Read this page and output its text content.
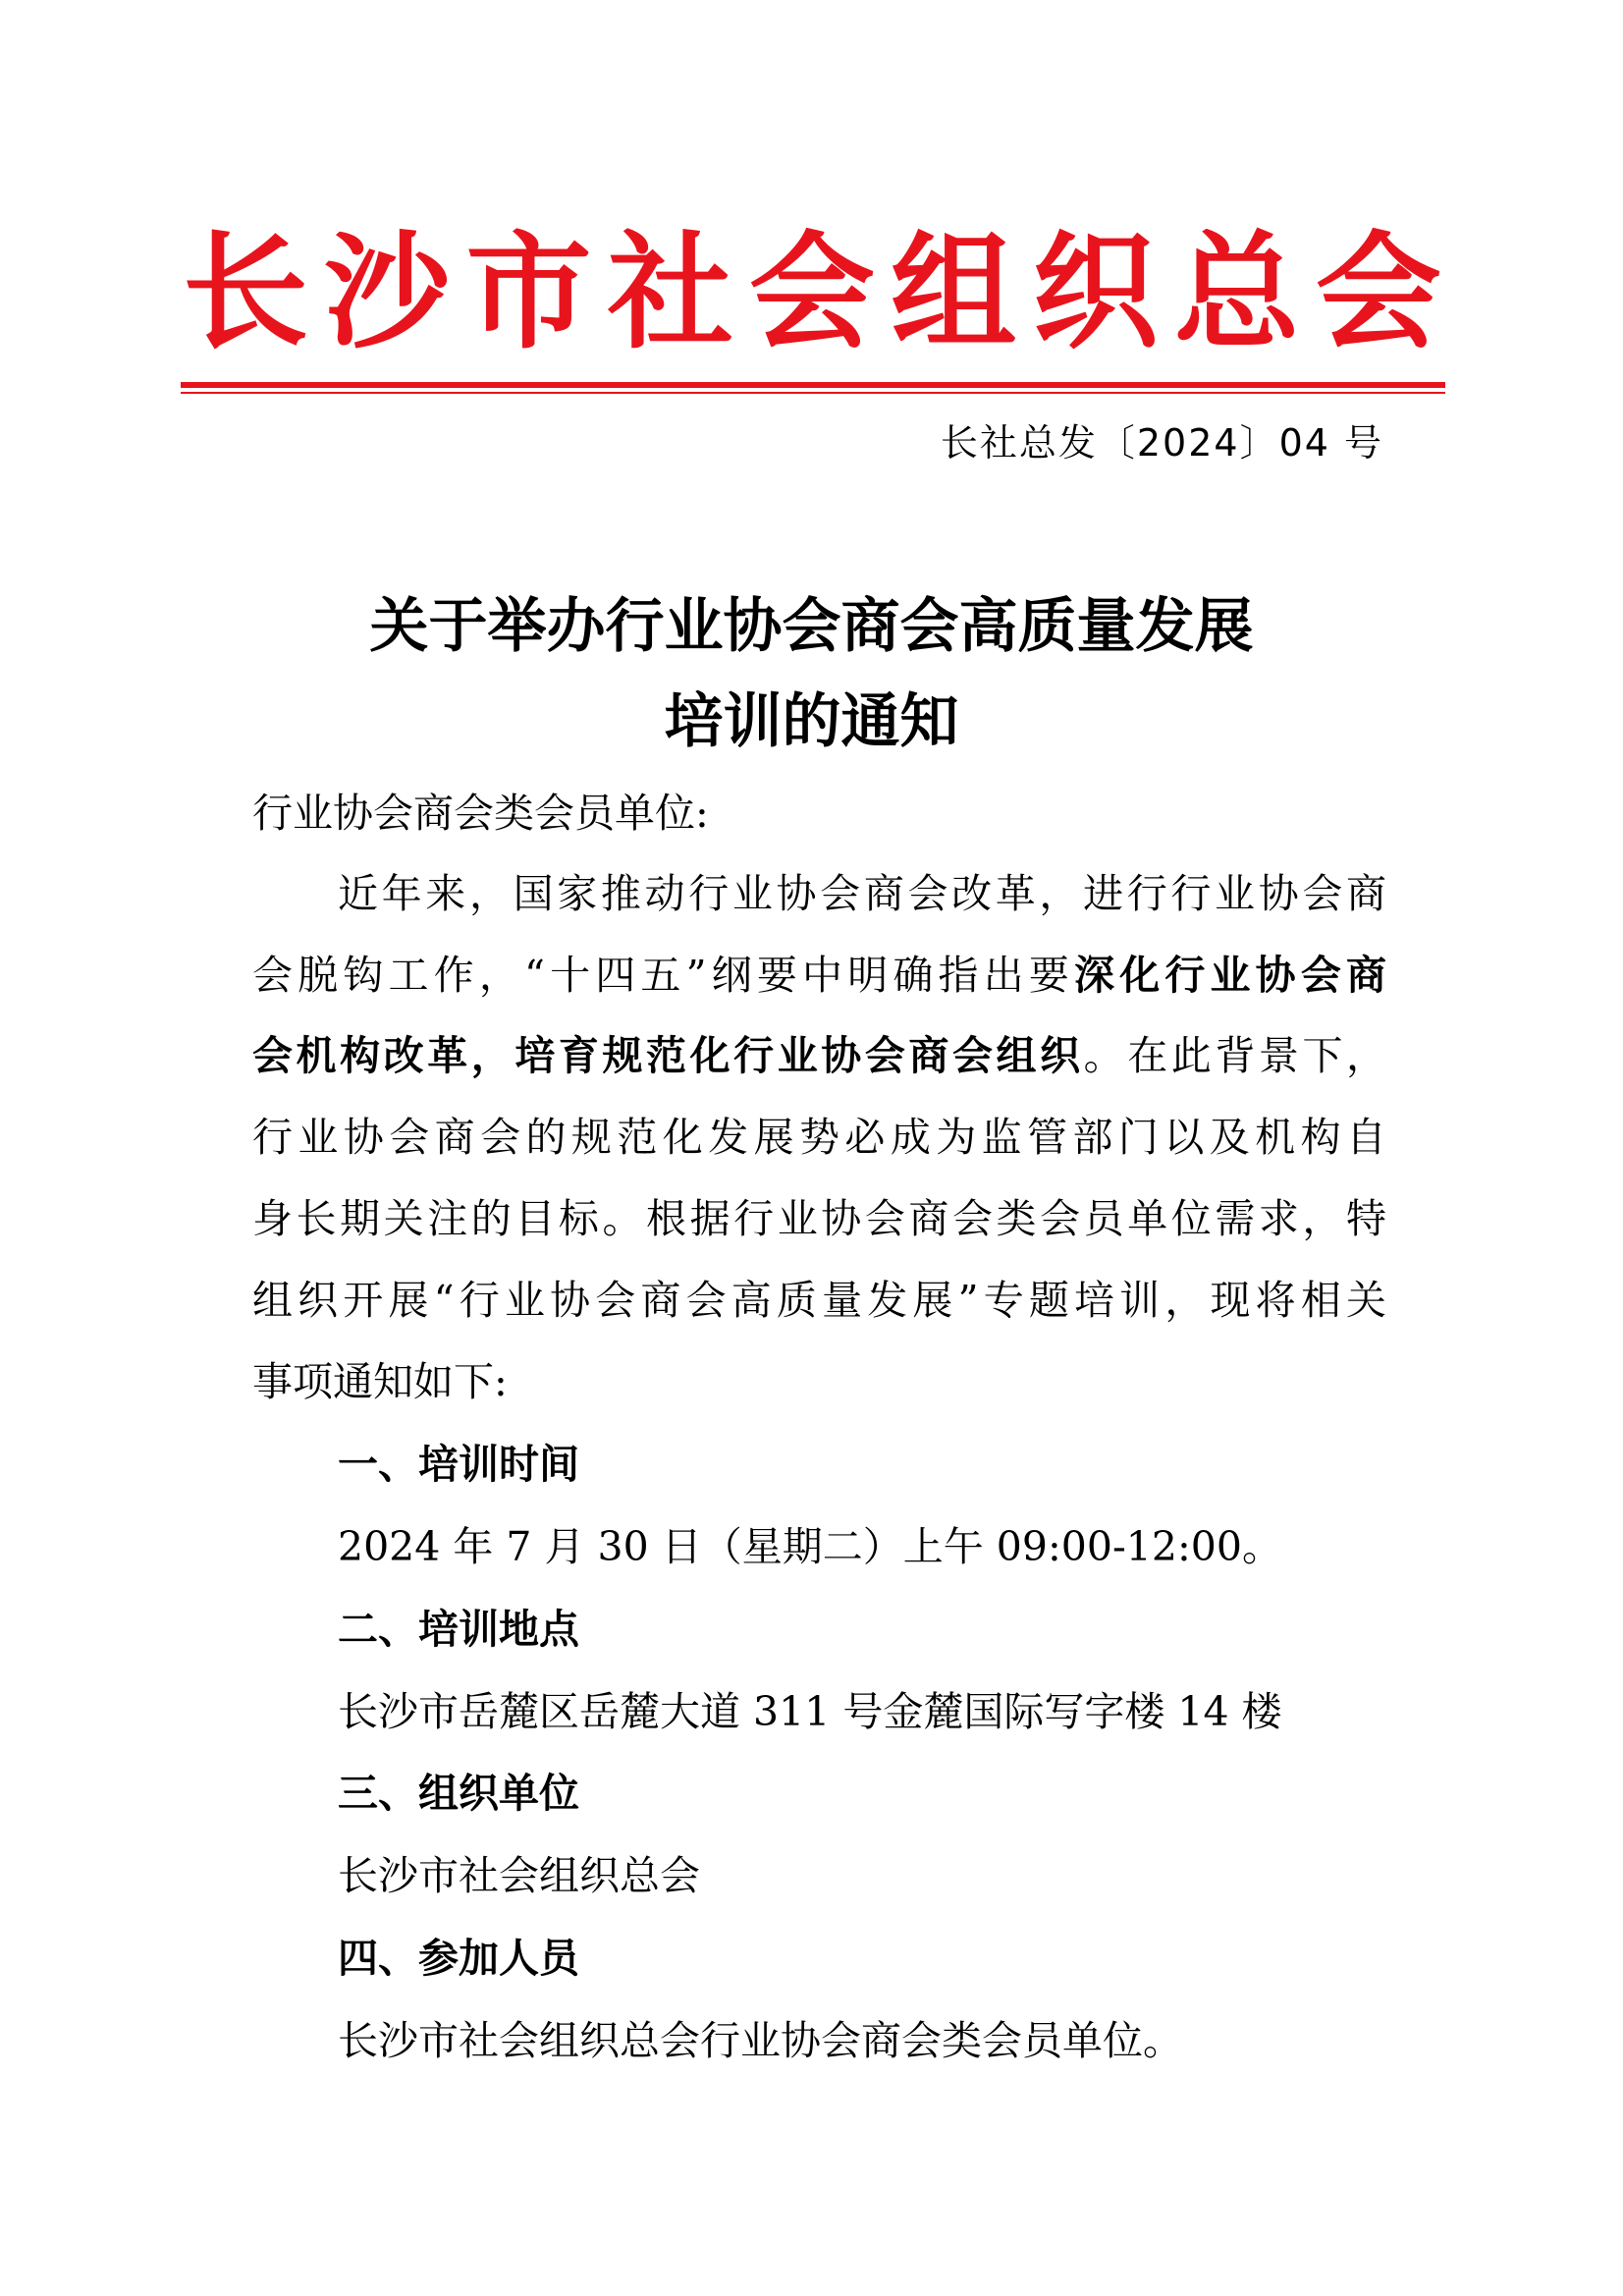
长 沙 市 社 会 组 织 总 会
长社总发〔2024〕04 号
关于举办行业协会商会高质量发展
培训的通知
行业协会商会类会员单位:
近年来，国家推动行业协会商会改革，进行行业协会商
会脱钩工作，“十四五”纲要中明确指出要深化行业协会商
会机构改革，培育规范化行业协会商会组织。在此背景下，
行业协会商会的规范化发展势必成为监管部门以及机构自
身长期关注的目标。根据行业协会商会类会员单位需求，特
组织开展“行业协会商会高质量发展”专题培训，现将相关
事项通知如下:
一、培训时间
2024 年 7 月 30 日（星期二）上午 09:00-12:00。
二、培训地点
长沙市岳麓区岳麓大道 311 号金麓国际写字楼 14 楼
三、组织单位
长沙市社会组织总会
四、参加人员
长沙市社会组织总会行业协会商会类会员单位。
